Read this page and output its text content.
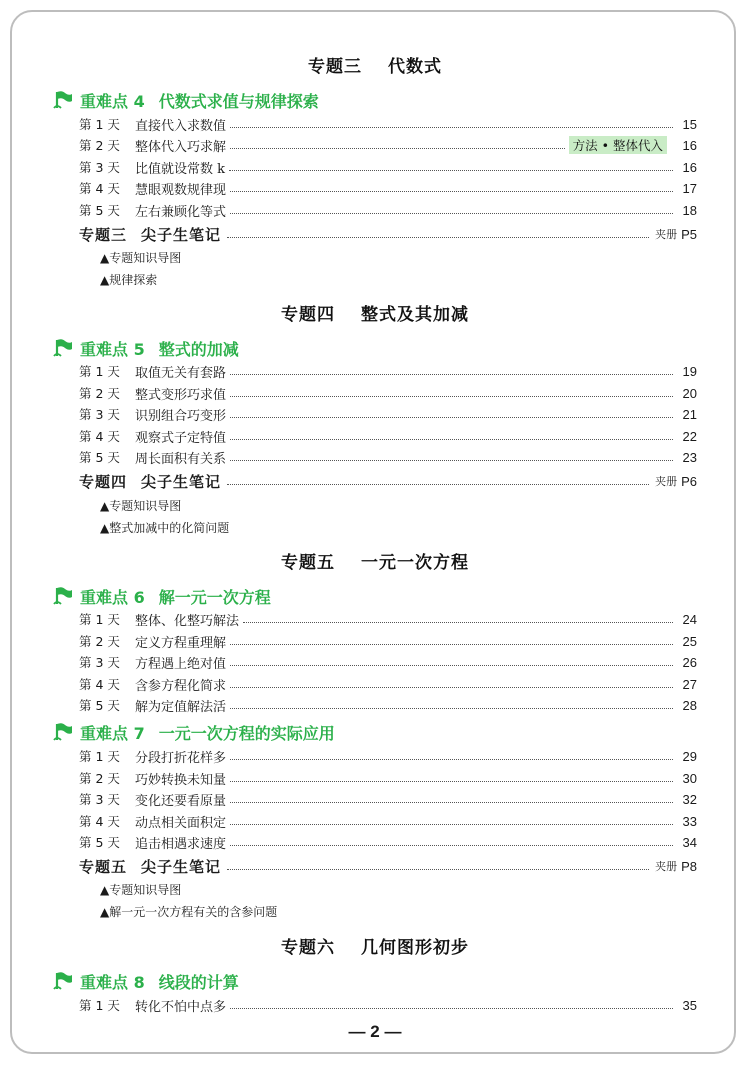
专题三 代数式
重难点 4 代数式求值与规律探索
第 1 天	直接代入求数值	15
第 2 天	整体代入巧求解	方法 • 整体代入	16
第 3 天	比值就设常数 k	16
第 4 天	慧眼观数规律现	17
第 5 天	左右兼顾化等式	18
专题三 尖子生笔记	夹册 P5
▲专题知识导图
▲规律探索
专题四 整式及其加减
重难点 5 整式的加减
第 1 天	取值无关有套路	19
第 2 天	整式变形巧求值	20
第 3 天	识别组合巧变形	21
第 4 天	观察式子定特值	22
第 5 天	周长面积有关系	23
专题四 尖子生笔记	夹册 P6
▲专题知识导图
▲整式加减中的化简问题
专题五 一元一次方程
重难点 6 解一元一次方程
第 1 天	整体、化整巧解法	24
第 2 天	定义方程重理解	25
第 3 天	方程遇上绝对值	26
第 4 天	含参方程化简求	27
第 5 天	解为定值解法活	28
重难点 7 一元一次方程的实际应用
第 1 天	分段打折花样多	29
第 2 天	巧妙转换未知量	30
第 3 天	变化还要看原量	32
第 4 天	动点相关面积定	33
第 5 天	追击相遇求速度	34
专题五 尖子生笔记	夹册 P8
▲专题知识导图
▲解一元一次方程有关的含参问题
专题六 几何图形初步
重难点 8 线段的计算
第 1 天	转化不怕中点多	35
— 2 —
